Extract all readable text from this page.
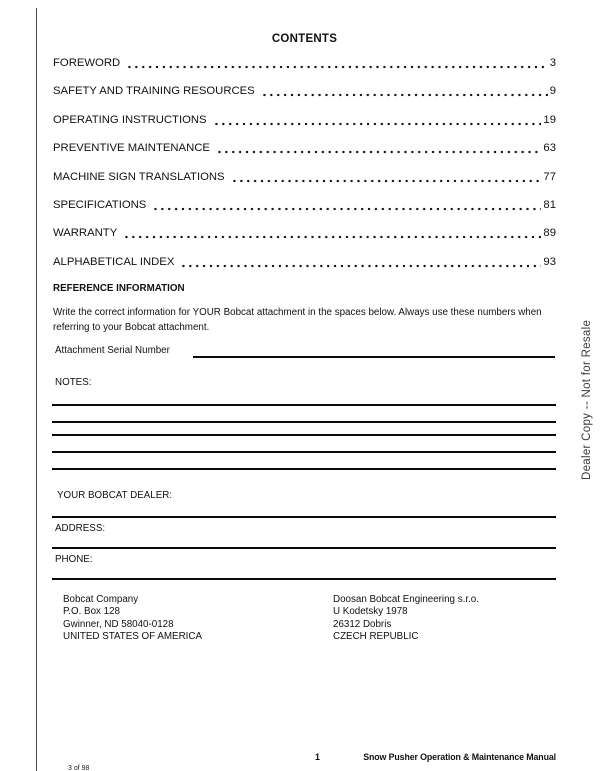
CONTENTS
FOREWORD	3
SAFETY AND TRAINING RESOURCES	9
OPERATING INSTRUCTIONS	19
PREVENTIVE MAINTENANCE	63
MACHINE SIGN TRANSLATIONS	77
SPECIFICATIONS	81
WARRANTY	89
ALPHABETICAL INDEX	93
REFERENCE INFORMATION
Write the correct information for YOUR Bobcat attachment in the spaces below. Always use these numbers when
referring to your Bobcat attachment.
Attachment Serial Number
NOTES:
YOUR BOBCAT DEALER:
ADDRESS:
PHONE:
Bobcat Company
P.O. Box 128
Gwinner, ND 58040-0128
UNITED STATES OF AMERICA
Doosan Bobcat Engineering s.r.o.
U Kodetsky 1978
26312 Dobris
CZECH REPUBLIC
1	Snow Pusher Operation & Maintenance Manual
3 of 98
Dealer Copy -- Not for Resale
